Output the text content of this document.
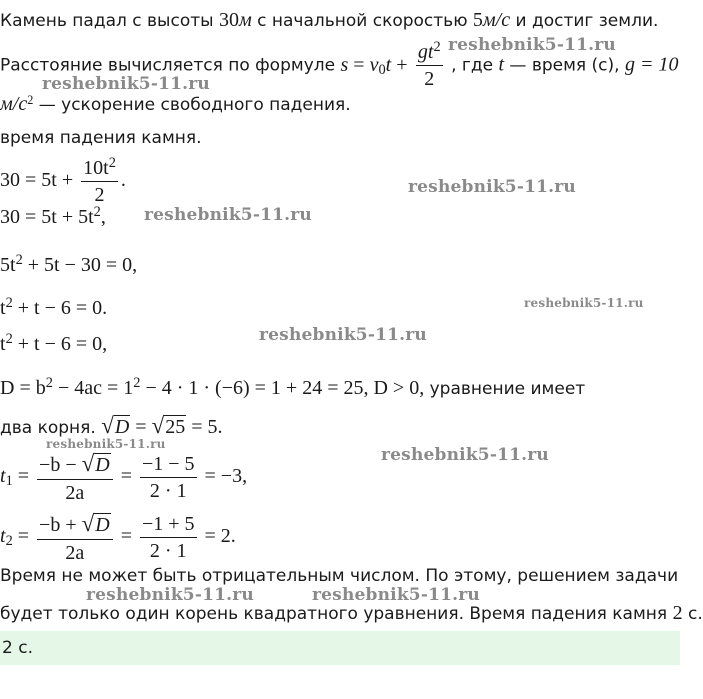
Камень падал с высоты 30м с начальной скоростью 5м/с и достиг земли.
Расстояние вычисляется по формуле $s = v0t + \frac{gt^2}{2}$ , где t — время (с), g = 10
$м/с^2$ — ускорение свободного падения.
время падения камня.
$30 = 5t + \frac{10t^2}{2}$ .
$30 = 5t + 5t^2$,
$5t^2 + 5t - 30 = 0$,
$t^2 + t - 6 = 0$.
$t^2 + t - 6 = 0$,
$D = b^2 - 4ac = 1^2 - 4 \cdot 1 \cdot (-6) = 1 + 24 = 25$, D > 0, уравнение имеет
два корня. √D = √25 = 5.
$t1 = \frac{-b - √D}{2a} = \frac{-1 - 5}{2 \cdot 1} = -3$,
$t2 = \frac{-b + √D}{2a} = \frac{-1 + 5}{2 \cdot 1} = 2$.
Время не может быть отрицательным числом. По этому, решением задачи
будет только один корень квадратного уравнения. Время падения камня 2 с.
2 с.
reshebnik5-11.ru
reshebnik5-11.ru
reshebnik5-11.ru
reshebnik5-11.ru
reshebnik5-11.ru
reshebnik5-11.ru
reshebnik5-11.ru
reshebnik5-11.ru
reshebnik5-11.ru	reshebnik5-11.ru
